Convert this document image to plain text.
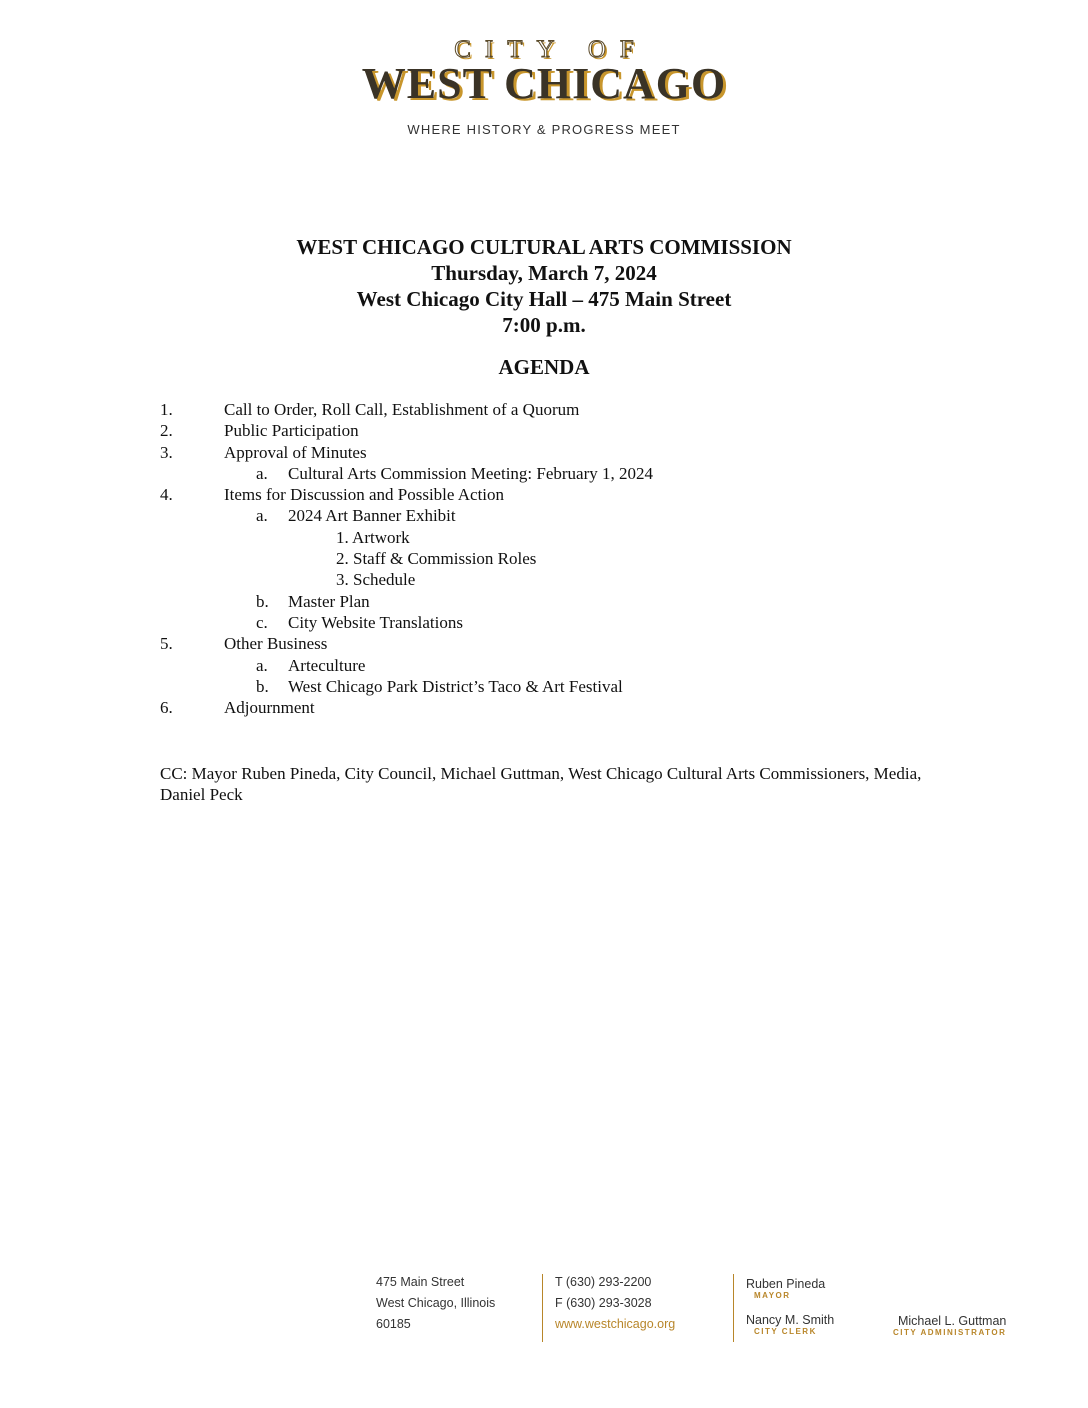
CITY OF
WEST CHICAGO
WHERE HISTORY & PROGRESS MEET
WEST CHICAGO CULTURAL ARTS COMMISSION
Thursday, March 7, 2024
West Chicago City Hall – 475 Main Street
7:00 p.m.
AGENDA
1.	Call to Order, Roll Call, Establishment of a Quorum
2.	Public Participation
3.	Approval of Minutes
a. Cultural Arts Commission Meeting: February 1, 2024
4.	Items for Discussion and Possible Action
a. 2024 Art Banner Exhibit
1. Artwork
2. Staff & Commission Roles
3. Schedule
b. Master Plan
c. City Website Translations
5.	Other Business
a. Arteculture
b. West Chicago Park District’s Taco & Art Festival
6.	Adjournment
CC: Mayor Ruben Pineda, City Council, Michael Guttman, West Chicago Cultural Arts Commissioners, Media, Daniel Peck
475 Main Street
West Chicago, Illinois
60185
T (630) 293-2200
F (630) 293-3028
www.westchicago.org
Ruben Pineda
MAYOR
Nancy M. Smith
CITY CLERK
Michael L. Guttman
CITY ADMINISTRATOR
